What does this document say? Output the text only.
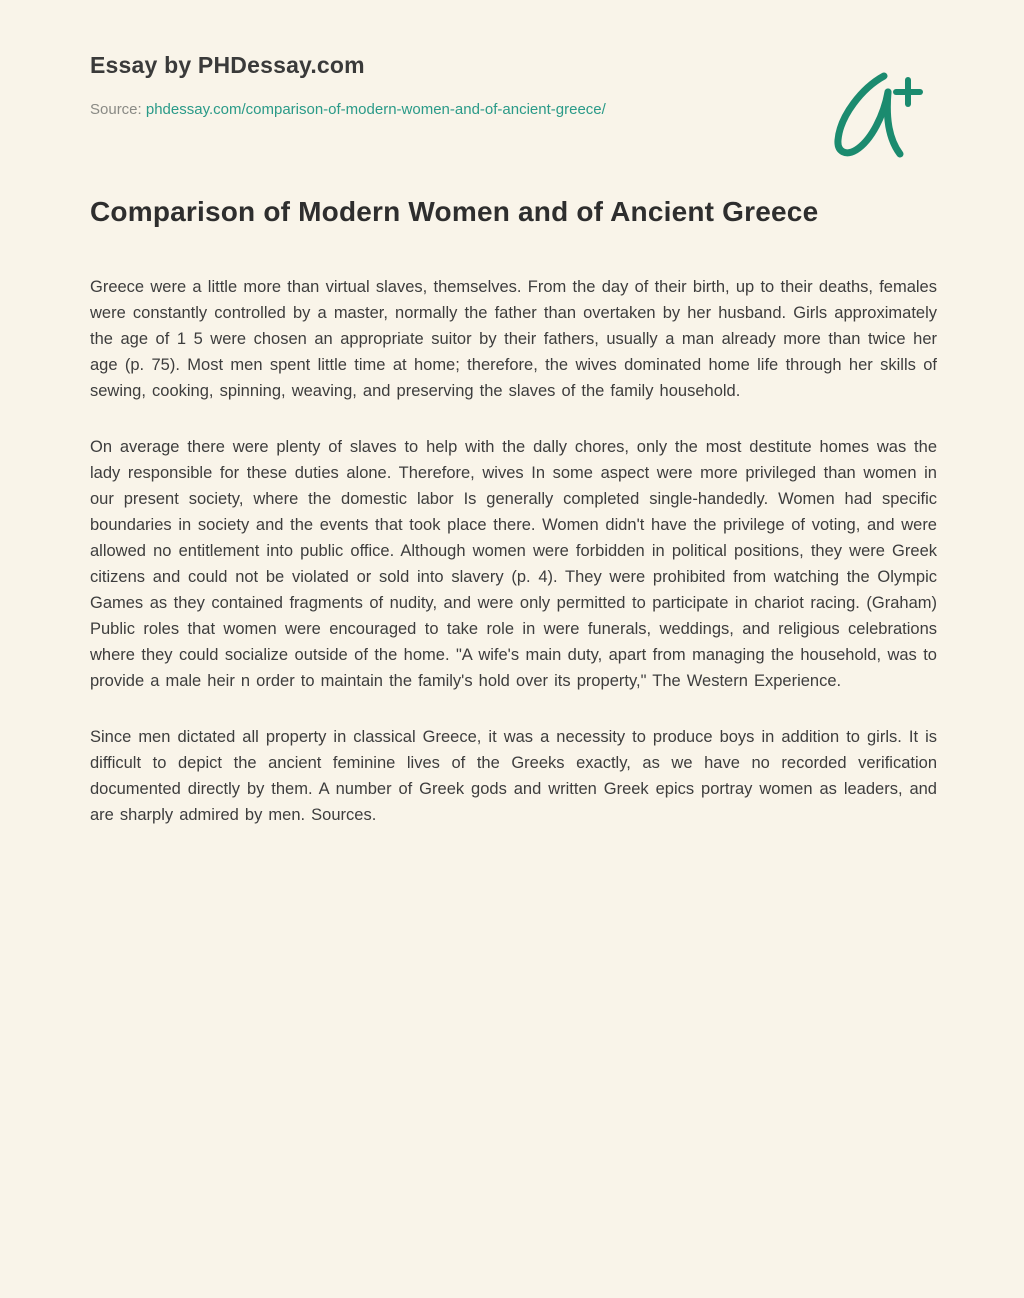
Essay by PHDessay.com
Source: phdessay.com/comparison-of-modern-women-and-of-ancient-greece/
Comparison of Modern Women and of Ancient Greece

Greece were a little more than virtual slaves, themselves. From the day of their birth, up to their deaths, females were constantly controlled by a master, normally the father than overtaken by her husband. Girls approximately the age of 1 5 were chosen an appropriate suitor by their fathers, usually a man already more than twice her age (p. 75). Most men spent little time at home; therefore, the wives dominated home life through her skills of sewing, cooking, spinning, weaving, and preserving the slaves of the family household.

On average there were plenty of slaves to help with the dally chores, only the most destitute homes was the lady responsible for these duties alone. Therefore, wives In some aspect were more privileged than women in our present society, where the domestic labor Is generally completed single-handedly. Women had specific boundaries in society and the events that took place there. Women didn't have the privilege of voting, and were allowed no entitlement into public office. Although women were forbidden in political positions, they were Greek citizens and could not be violated or sold into slavery (p. 4). They were prohibited from watching the Olympic Games as they contained fragments of nudity, and were only permitted to participate in chariot racing. (Graham) Public roles that women were encouraged to take role in were funerals, weddings, and religious celebrations where they could socialize outside of the home. "A wife's main duty, apart from managing the household, was to provide a male heir n order to maintain the family's hold over its property," The Western Experience.

Since men dictated all property in classical Greece, it was a necessity to produce boys in addition to girls. It is difficult to depict the ancient feminine lives of the Greeks exactly, as we have no recorded verification documented directly by them. A number of Greek gods and written Greek epics portray women as leaders, and are sharply admired by men. Sources.
